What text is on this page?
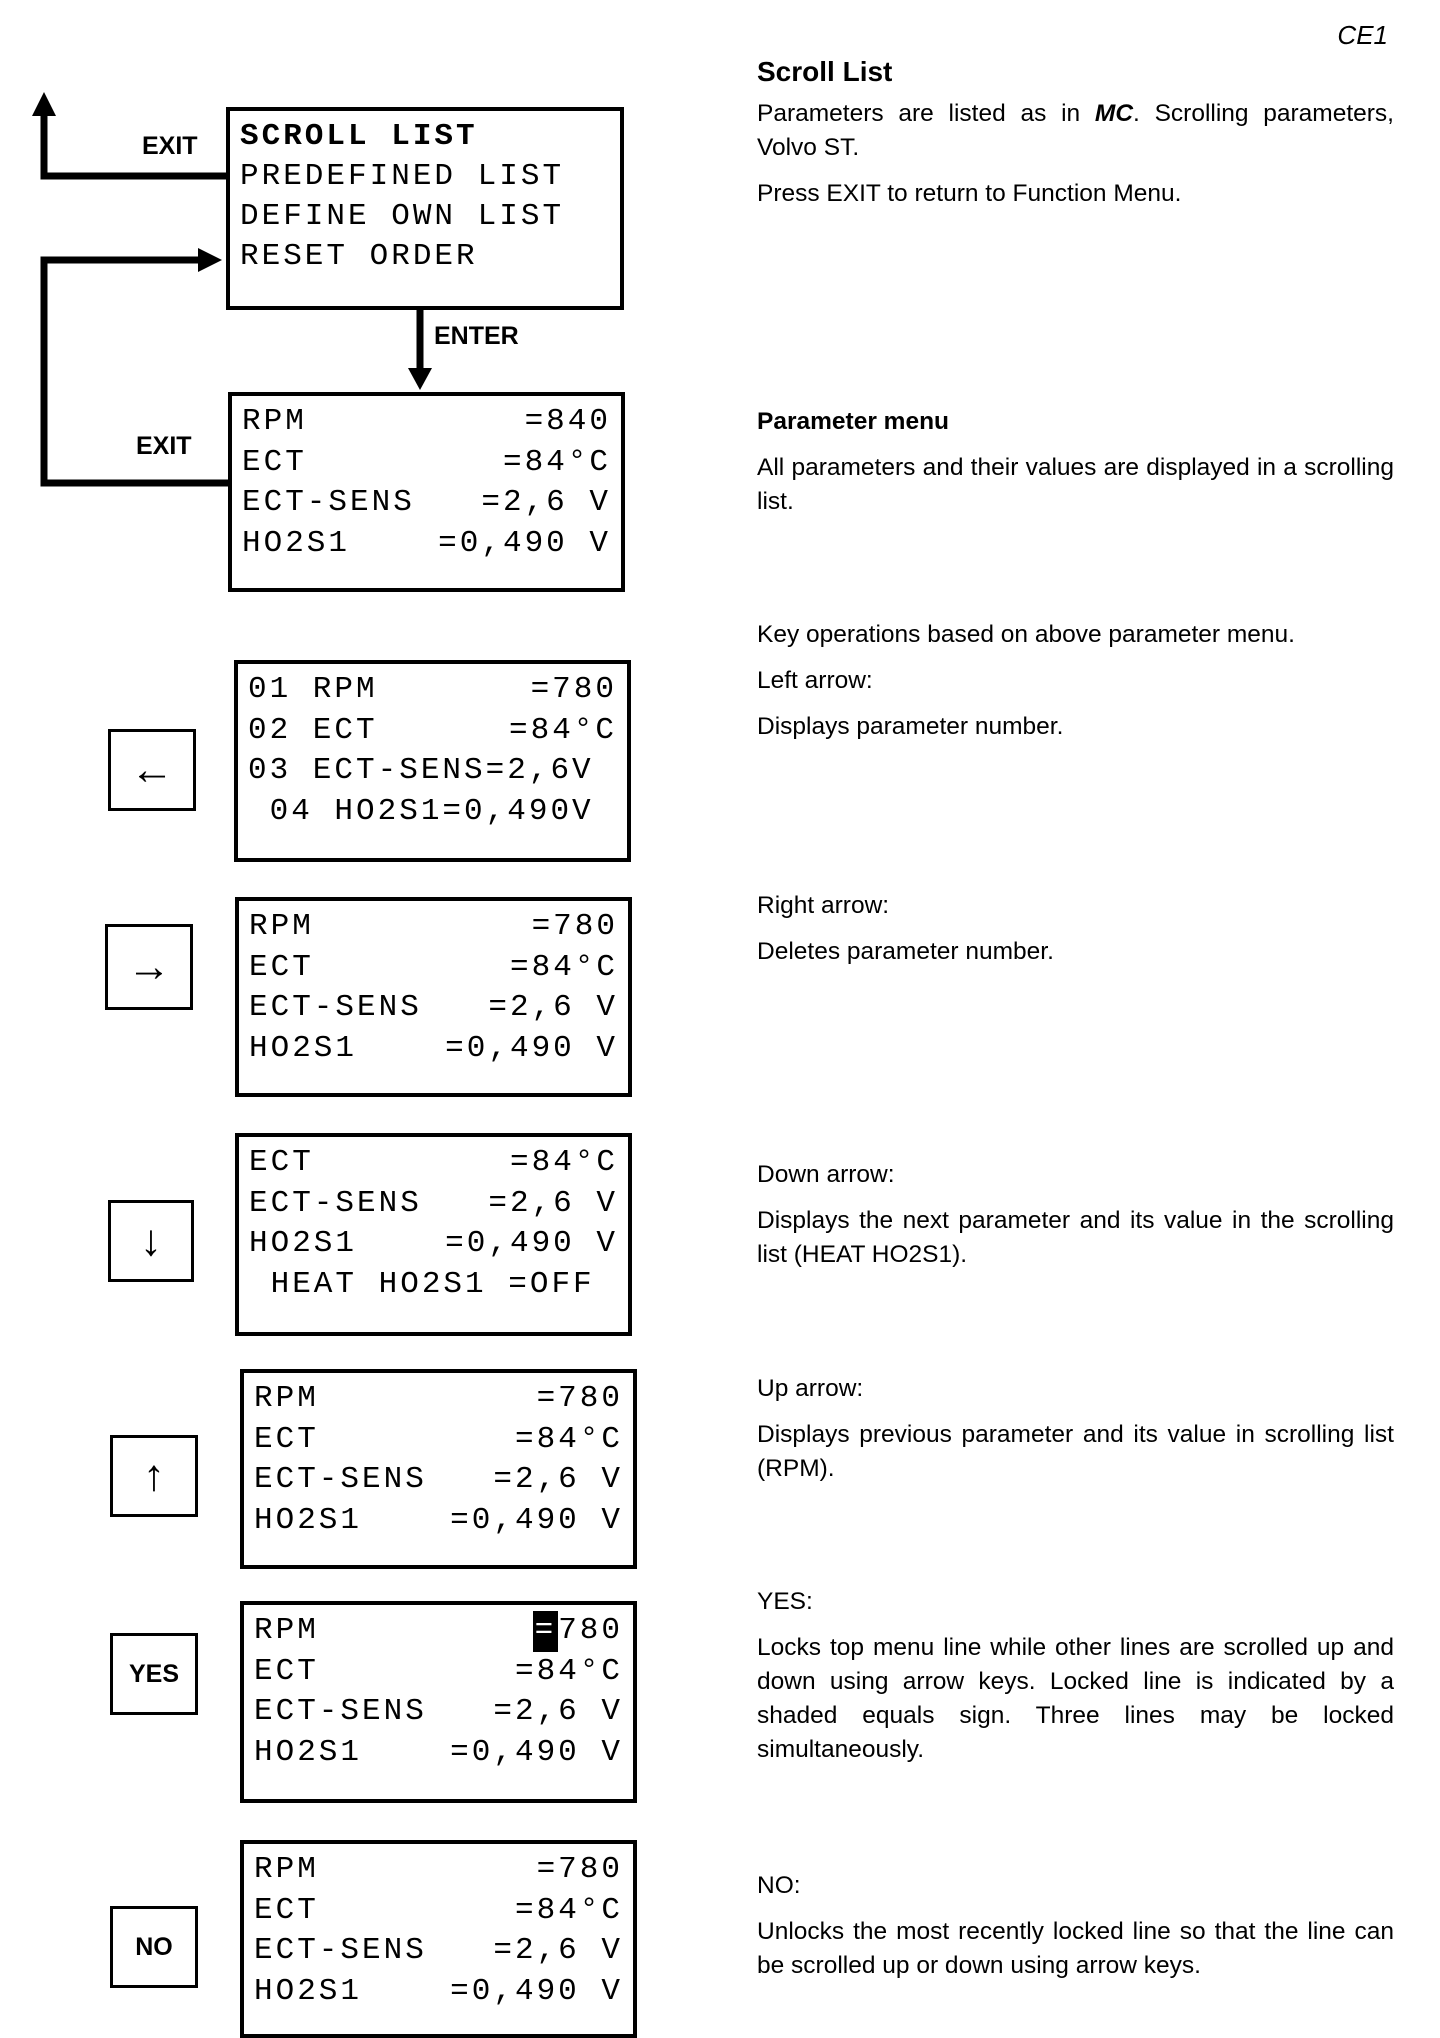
CE1
EXIT
ENTER
EXIT
SCROLL LIST
PREDEFINED LIST
DEFINE OWN LIST
RESET ORDER
RPM	=840
ECT	=84°C
ECT-SENS =2,6 V
HO2S1	=0,490 V
←
01 RPM	=780
02 ECT	=84°C
03 ECT-SENS=2,6V
04 HO2S1=0,490V
→
RPM	=780
ECT	=84°C
ECT-SENS =2,6 V
HO2S1	=0,490 V
↓
ECT	=84°C
ECT-SENS =2,6 V
HO2S1	=0,490 V
HEAT HO2S1 =OFF
↑
RPM	=780
ECT	=84°C
ECT-SENS =2,6 V
HO2S1	=0,490 V
YES
RPM	=780
ECT	=84°C
ECT-SENS =2,6 V
HO2S1	=0,490 V
NO
RPM	=780
ECT	=84°C
ECT-SENS =2,6 V
HO2S1	=0,490 V
Scroll List

Parameters are listed as in MC. Scrolling parameters, Volvo ST.

Press EXIT to return to Function Menu.

Parameter menu

All parameters and their values are displayed in a scrolling list.

Key operations based on above parameter menu.

Left arrow:

Displays parameter number.

Right arrow:

Deletes parameter number.

Down arrow:

Displays the next parameter and its value in the scrolling list (HEAT HO2S1).

Up arrow:

Displays previous parameter and its value in scrolling list (RPM).

YES:

Locks top menu line while other lines are scrolled up and down using arrow keys. Locked line is indicated by a shaded equals sign. Three lines may be locked simultaneously.

NO:

Unlocks the most recently locked line so that the line can be scrolled up or down using arrow keys.
